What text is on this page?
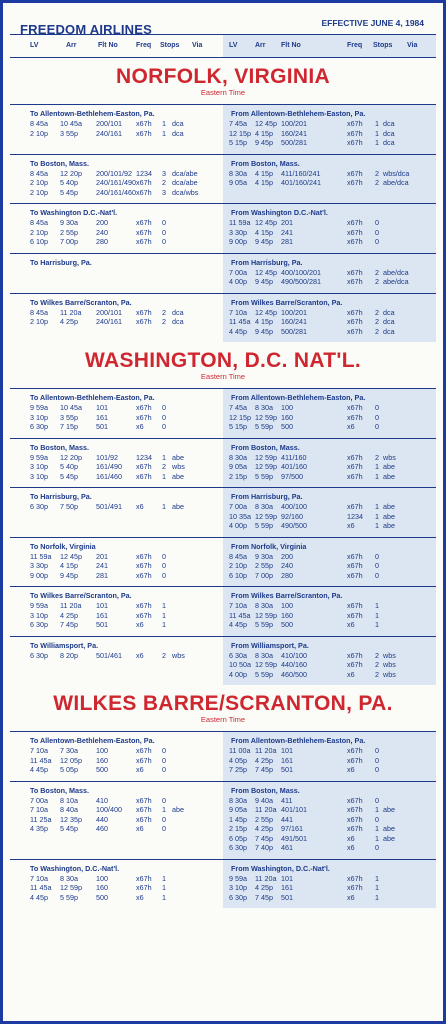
FREEDOM AIRLINES	EFFECTIVE JUNE 4, 1984
LV	Arr	Flt No	Freq Stops Via	LV	Arr Flt No	Freq Stops Via
NORFOLK, VIRGINIA
Eastern Time
To Allentown-Bethlehem-Easton, Pa.
8 45a 10 45a 200/101 x67h 1 dca
2 10p 3 55p	240/161 x67h 1 dca
From Allentown-Bethlehem-Easton, Pa.
7 45a 12 45p 100/201	x67h 1 dca
12 15p 4 15p 160/241	x67h 1 dca
5 15p 9 45p 500/281	x67h 1 dca
To Boston, Mass.
8 45a 12 20p 200/101/92 1234 3 dca/abe
2 10p 5 40p	240/161/490 x67h 2 dca/abe
2 10p 5 45p	240/161/460 x67h 3 dca/wbs
From Boston, Mass.
8 30a 4 15p 411/160/241	x67h 2 wbs/dca
9 05a 4 15p 401/160/241	x67h 2 abe/dca
To Washington D.C.-Nat'l.
8 45a 9 30a	200	x67h 0
2 10p 2 55p	240	x67h 0
6 10p 7 00p	280	x67h 0
From Washington D.C.-Nat'l.
11 59a 12 45p 201	x67h 0
3 30p 4 15p 241	x67h 0
9 00p 9 45p 281	x67h 0
To Harrisburg, Pa.	From Harrisburg, Pa.
7 00a 12 45p 400/100/201	x67h 2 abe/dca
4 00p 9 45p 490/500/281	x67h 2 abe/dca
To Wilkes Barre/Scranton, Pa.
8 45a 11 20a 200/101 x67h 2 dca
2 10p 4 25p	240/161 x67h 2 dca
From Wilkes Barre/Scranton, Pa.
7 10a 12 45p 100/201	x67h 2 dca
11 45a 4 15p 160/241	x67h 2 dca
4 45p 9 45p 500/281	x67h 2 dca
WASHINGTON, D.C. NAT'L.
Eastern Time
To Allentown-Bethlehem-Easton, Pa.
9 59a 10 45a 101	x67h 0
3 10p 3 55p	161	x67h 0
6 30p 7 15p	501	x6	0
From Allentown-Bethlehem-Easton, Pa.
7 45a 8 30a 100	x67h 0
12 15p 12 59p 160	x67h 0
5 15p 5 59p 500	x6	0
To Boston, Mass.
9 59a 12 20p 101/92	1234 1 abe
3 10p 5 40p	161/490 x67h 2 wbs
3 10p 5 45p	161/460 x67h 1 abe
From Boston, Mass.
8 30a 12 59p 411/160	x67h 2 wbs
9 05a 12 59p 401/160	x67h 1 abe
2 15p 5 59p 97/500	x67h 1 abe
To Harrisburg, Pa.
6 30p 7 50p	501/491 x6	1 abe
From Harrisburg, Pa.
7 00a 8 30a 400/100	x67h 1 abe
10 35a 12 59p 92/160	1234 1 abe
4 00p 5 59p 490/500	x6	1 abe
To Norfolk, Virginia
11 59a 12 45p 201	x67h 0
3 30p 4 15p	241	x67h 0
9 00p 9 45p	281	x67h 0
From Norfolk, Virginia
8 45a 9 30a 200	x67h 0
2 10p 2 55p 240	x67h 0
6 10p 7 00p 280	x67h 0
To Wilkes Barre/Scranton, Pa.
9 59a 11 20a 101	x67h 1
3 10p 4 25p	161	x67h 1
6 30p 7 45p	501	x6	1
From Wilkes Barre/Scranton, Pa.
7 10a 8 30a 100	x67h 1
11 45a 12 59p 160	x67h 1
4 45p 5 59p 500	x6	1
To Williamsport, Pa.
6 30p 8 20p	501/461 x6	2 wbs
From Williamsport, Pa.
6 30a 8 30a 410/100	x67h 2 wbs
10 50a 12 59p 440/160	x67h 2 wbs
4 00p 5 59p 460/500	x6	2 wbs
WILKES BARRE/SCRANTON, PA.
Eastern Time
To Allentown-Bethlehem-Easton, Pa.
7 10a 7 30a	100	x67h 0
11 45a 12 05p 160	x67h 0
4 45p 5 05p	500	x6	0
From Allentown-Bethlehem-Easton, Pa.
11 00a 11 20a 101	x67h 0
4 05p 4 25p 161	x67h 0
7 25p 7 45p 501	x6	0
To Boston, Mass.
7 00a 8 10a	410	x67h 0
7 10a 8 40a	100/400 x67h 1 abe
11 25a 12 35p 440	x67h 0
4 35p 5 45p	460	x6	0
From Boston, Mass.
8 30a 9 40a 411	x67h 0
9 05a 11 20a 401/101	x67h 1 abe
1 45p 2 55p 441	x67h 0
2 15p 4 25p 97/161	x67h 1 abe
6 05p 7 45p 491/501	x6	1 abe
6 30p 7 40p 461	x6	0
To Washington, D.C.-Nat'l.
7 10a 8 30a	100	x67h 1
11 45a 12 59p 160	x67h 1
4 45p 5 59p	500	x6	1
From Washington, D.C.-Nat'l.
9 59a 11 20a 101	x67h 1
3 10p 4 25p 161	x67h 1
6 30p 7 45p 501	x6	1
